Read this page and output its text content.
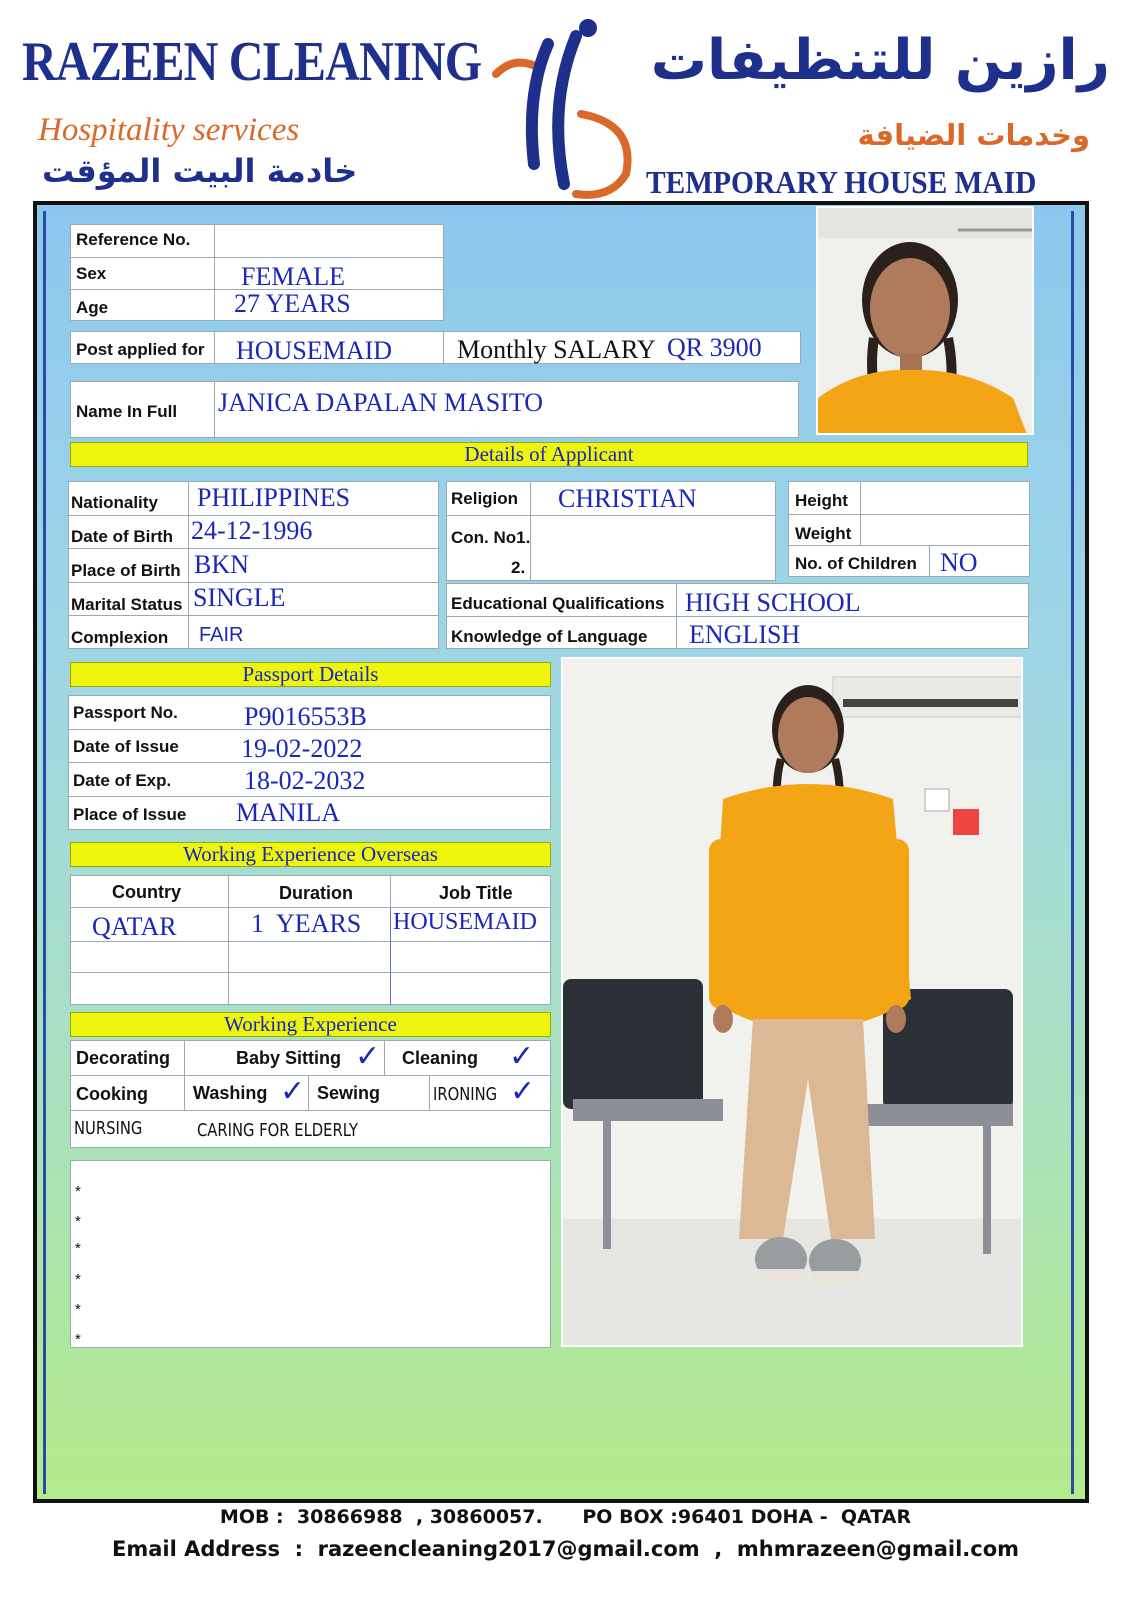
RAZEEN CLEANING
Hospitality services
خادمة البيت المؤقت
رازين للتنظيفات
وخدمات الضيافة
TEMPORARY HOUSE MAID
Reference No.
Sex	FEMALE
Age	27 YEARS
Post applied for HOUSEMAID	Monthly SALARY QR 3900
Name In Full JANICA DAPALAN MASITO
Details of Applicant
Nationality PHILIPPINES
Date of Birth 24-12-1996
Place of Birth BKN
Marital Status SINGLE
Complexion FAIR
Religion CHRISTIAN
Con. No1.
2.
Height
Weight
No. of Children NO
Educational Qualifications HIGH SCHOOL
Knowledge of Language ENGLISH
Passport Details
Passport No.	P9016553B
Date of Issue 19-02-2022
Date of Exp.	18-02-2032
Place of Issue MANILA
Working Experience Overseas
Country	Duration	Job Title
QATAR	1  YEARS HOUSEMAID
Working Experience
Decorating	Baby Sitting ✓ Cleaning ✓
Cooking	Washing ✓ Sewing	IRONING ✓
NURSING	CARING FOR ELDERLY
*
*
*
*
*
*
MOB :  30866988  , 30860057.      PO BOX :96401 DOHA -  QATAR
Email Address  :  razeencleaning2017@gmail.com  ,  mhmrazeen@gmail.com
